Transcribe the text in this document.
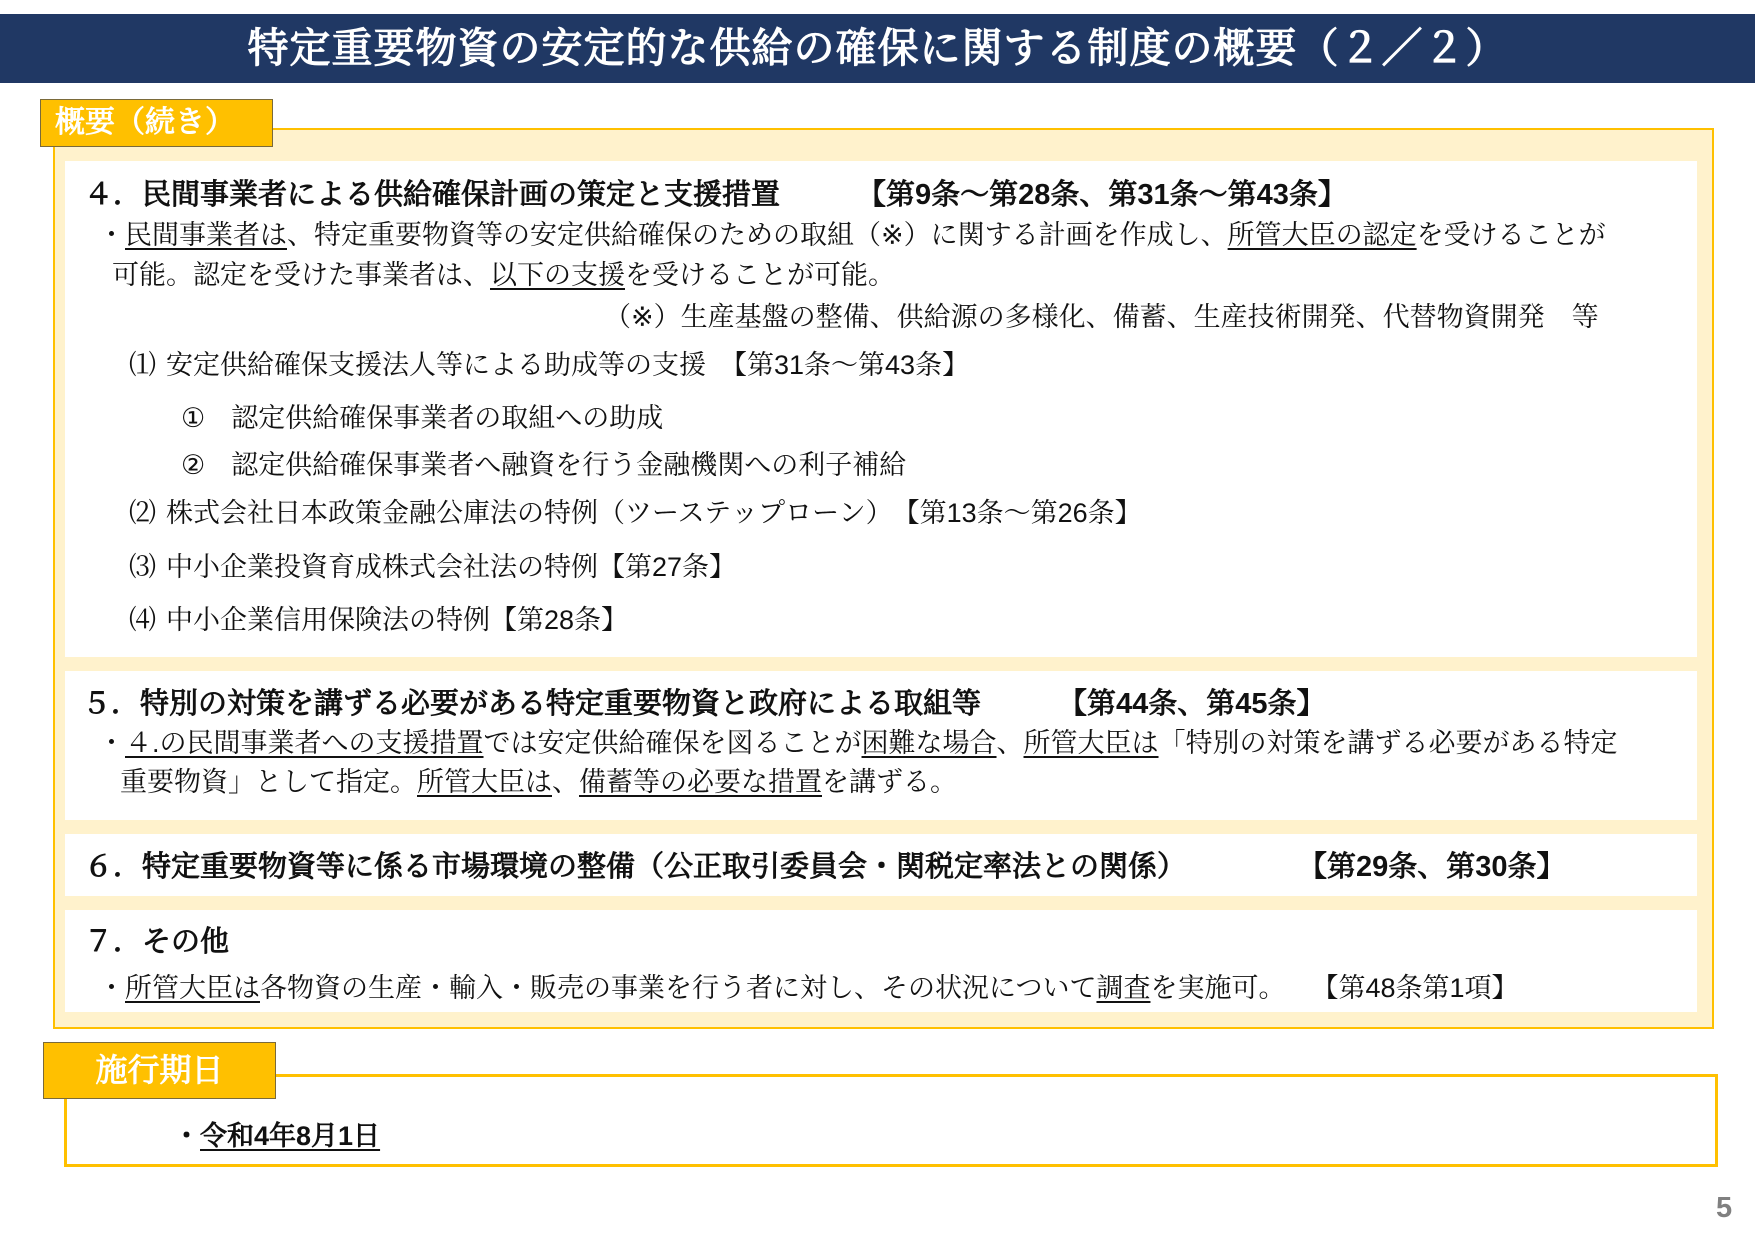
特定重要物資の安定的な供給の確保に関する制度の概要（２／２）
４．民間事業者による供給確保計画の策定と支援措置	【第9条～第28条、第31条～第43条】
・ 民間事業者は 、特定重要物資等の安定供給確保のための取組（※）に関する計画を作成し、 所管大臣の認定 を受けることが
可能。認定を受けた事業者は、 以下の支援 を受けることが可能。
（※）生産基盤の整備、供給源の多様化、備蓄、生産技術開発、代替物資開発　等
⑴ 安定供給確保支援法人等による助成等の支援 【第31条～第43条】
① 認定供給確保事業者の取組への助成
② 認定供給確保事業者へ融資を行う金融機関への利子補給
⑵ 株式会社日本政策金融公庫法の特例（ツーステップローン） 【第13条～第26条】
⑶ 中小企業投資育成株式会社法の特例 【第27条】
⑷ 中小企業信用保険法の特例 【第28条】
５．特別の対策を講ずる必要がある特定重要物資と政府による取組等	【第44条、第45条】
・ ４.の民間事業者への支援措置 では安定供給確保を図ることが 困難な場合 、 所管大臣は 「特別の対策を講ずる必要がある特定
重要物資」として指定。 所管大臣は 、 備蓄等の必要な措置 を講ずる。
６．特定重要物資等に係る市場環境の整備（公正取引委員会・関税定率法との関係）	【第29条、第30条】
７．その他
・ 所管大臣は 各物資の生産・輸入・販売の事業を行う者に対し、その状況について 調査 を実施可。 【第48条第1項】
概要（続き）
・ 令和4年8月1日
施行期日
5
